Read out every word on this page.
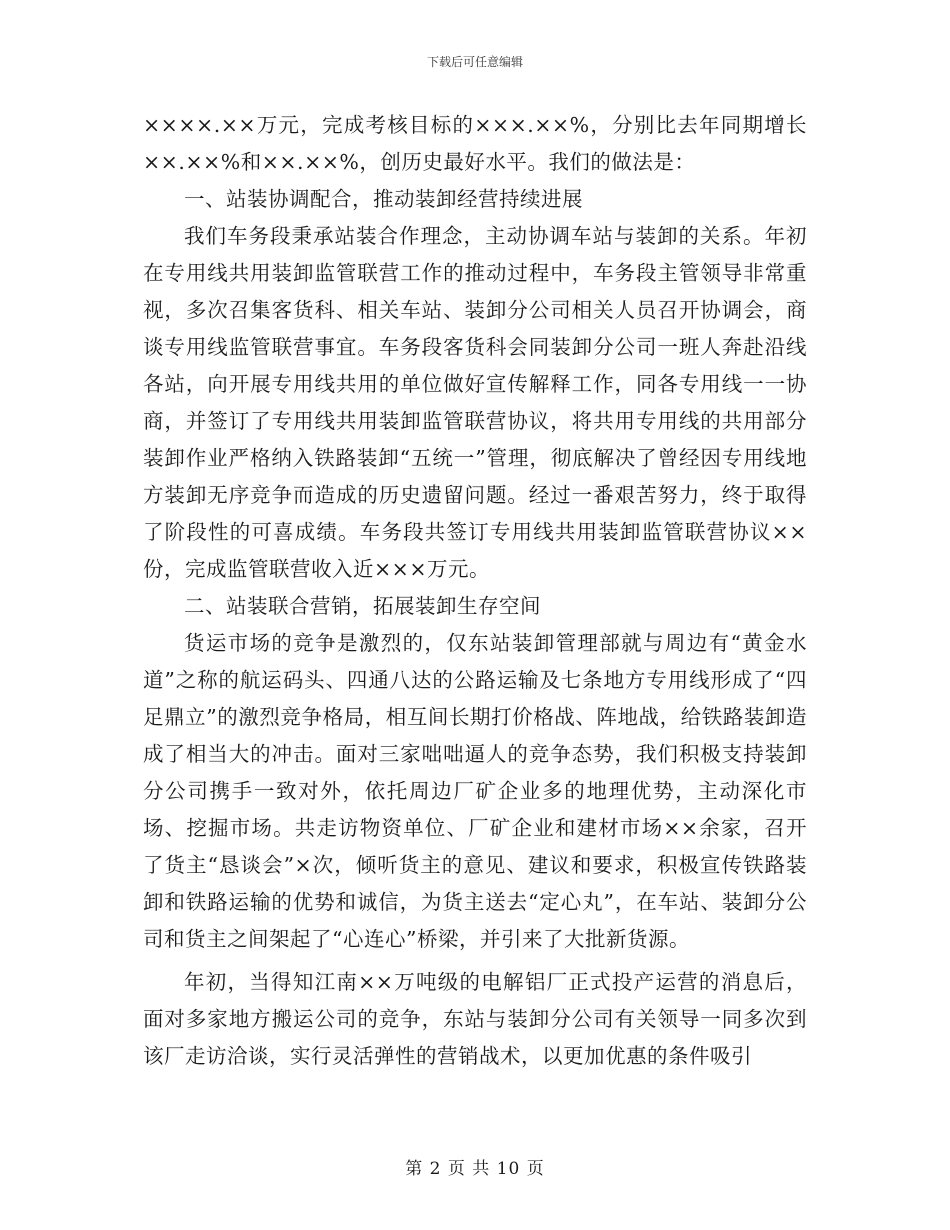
下载后可任意编辑

××××.××万元，完成考核目标的×××.××%，分别比去年同期增长××.××%和××.××%，创历史最好水平。我们的做法是：

一、站装协调配合，推动装卸经营持续进展

我们车务段秉承站装合作理念，主动协调车站与装卸的关系。年初在专用线共用装卸监管联营工作的推动过程中，车务段主管领导非常重视，多次召集客货科、相关车站、装卸分公司相关人员召开协调会，商谈专用线监管联营事宜。车务段客货科会同装卸分公司一班人奔赴沿线各站，向开展专用线共用的单位做好宣传解释工作，同各专用线一一协商，并签订了专用线共用装卸监管联营协议，将共用专用线的共用部分装卸作业严格纳入铁路装卸“五统一”管理，彻底解决了曾经因专用线地方装卸无序竞争而造成的历史遗留问题。经过一番艰苦努力，终于取得了阶段性的可喜成绩。车务段共签订专用线共用装卸监管联营协议××份，完成监管联营收入近×××万元。

二、站装联合营销，拓展装卸生存空间

货运市场的竞争是激烈的，仅东站装卸管理部就与周边有“黄金水道”之称的航运码头、四通八达的公路运输及七条地方专用线形成了“四足鼎立”的激烈竞争格局，相互间长期打价格战、阵地战，给铁路装卸造成了相当大的冲击。面对三家咄咄逼人的竞争态势，我们积极支持装卸分公司携手一致对外，依托周边厂矿企业多的地理优势，主动深化市场、挖掘市场。共走访物资单位、厂矿企业和建材市场××余家，召开了货主“恳谈会”×次，倾听货主的意见、建议和要求，积极宣传铁路装卸和铁路运输的优势和诚信，为货主送去“定心丸”，在车站、装卸分公司和货主之间架起了“心连心”桥梁，并引来了大批新货源。

年初，当得知江南××万吨级的电解铝厂正式投产运营的消息后，面对多家地方搬运公司的竞争，东站与装卸分公司有关领导一同多次到该厂走访洽谈，实行灵活弹性的营销战术，以更加优惠的条件吸引

第 2 页 共 10 页
